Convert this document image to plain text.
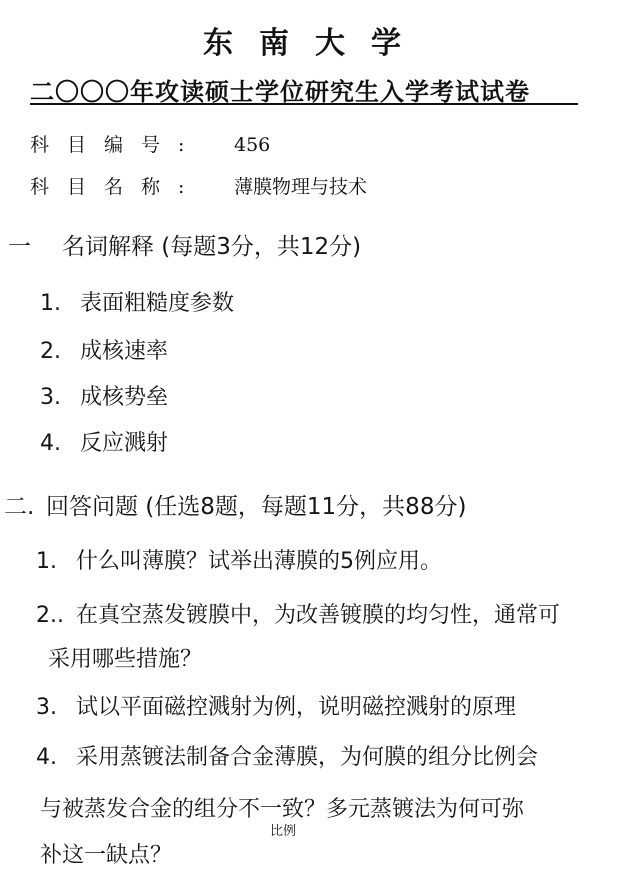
东南大学
二〇〇〇年攻读硕士学位研究生入学考试试卷
科目编号: 456
科目名称: 薄膜物理与技术
一 名词解释 (每题3分，共12分)
1. 表面粗糙度参数
2. 成核速率
3. 成核势垒
4. 反应溅射
二. 回答问题 (任选8题，每题11分，共88分)
1. 什么叫薄膜？试举出薄膜的5例应用。
2.. 在真空蒸发镀膜中，为改善镀膜的均匀性，通常可
采用哪些措施？
3. 试以平面磁控溅射为例，说明磁控溅射的原理
4. 采用蒸镀法制备合金薄膜，为何膜的组分比例会
与被蒸发合金的组分不一致？多元蒸镀法为何可弥
比例
补这一缺点？
